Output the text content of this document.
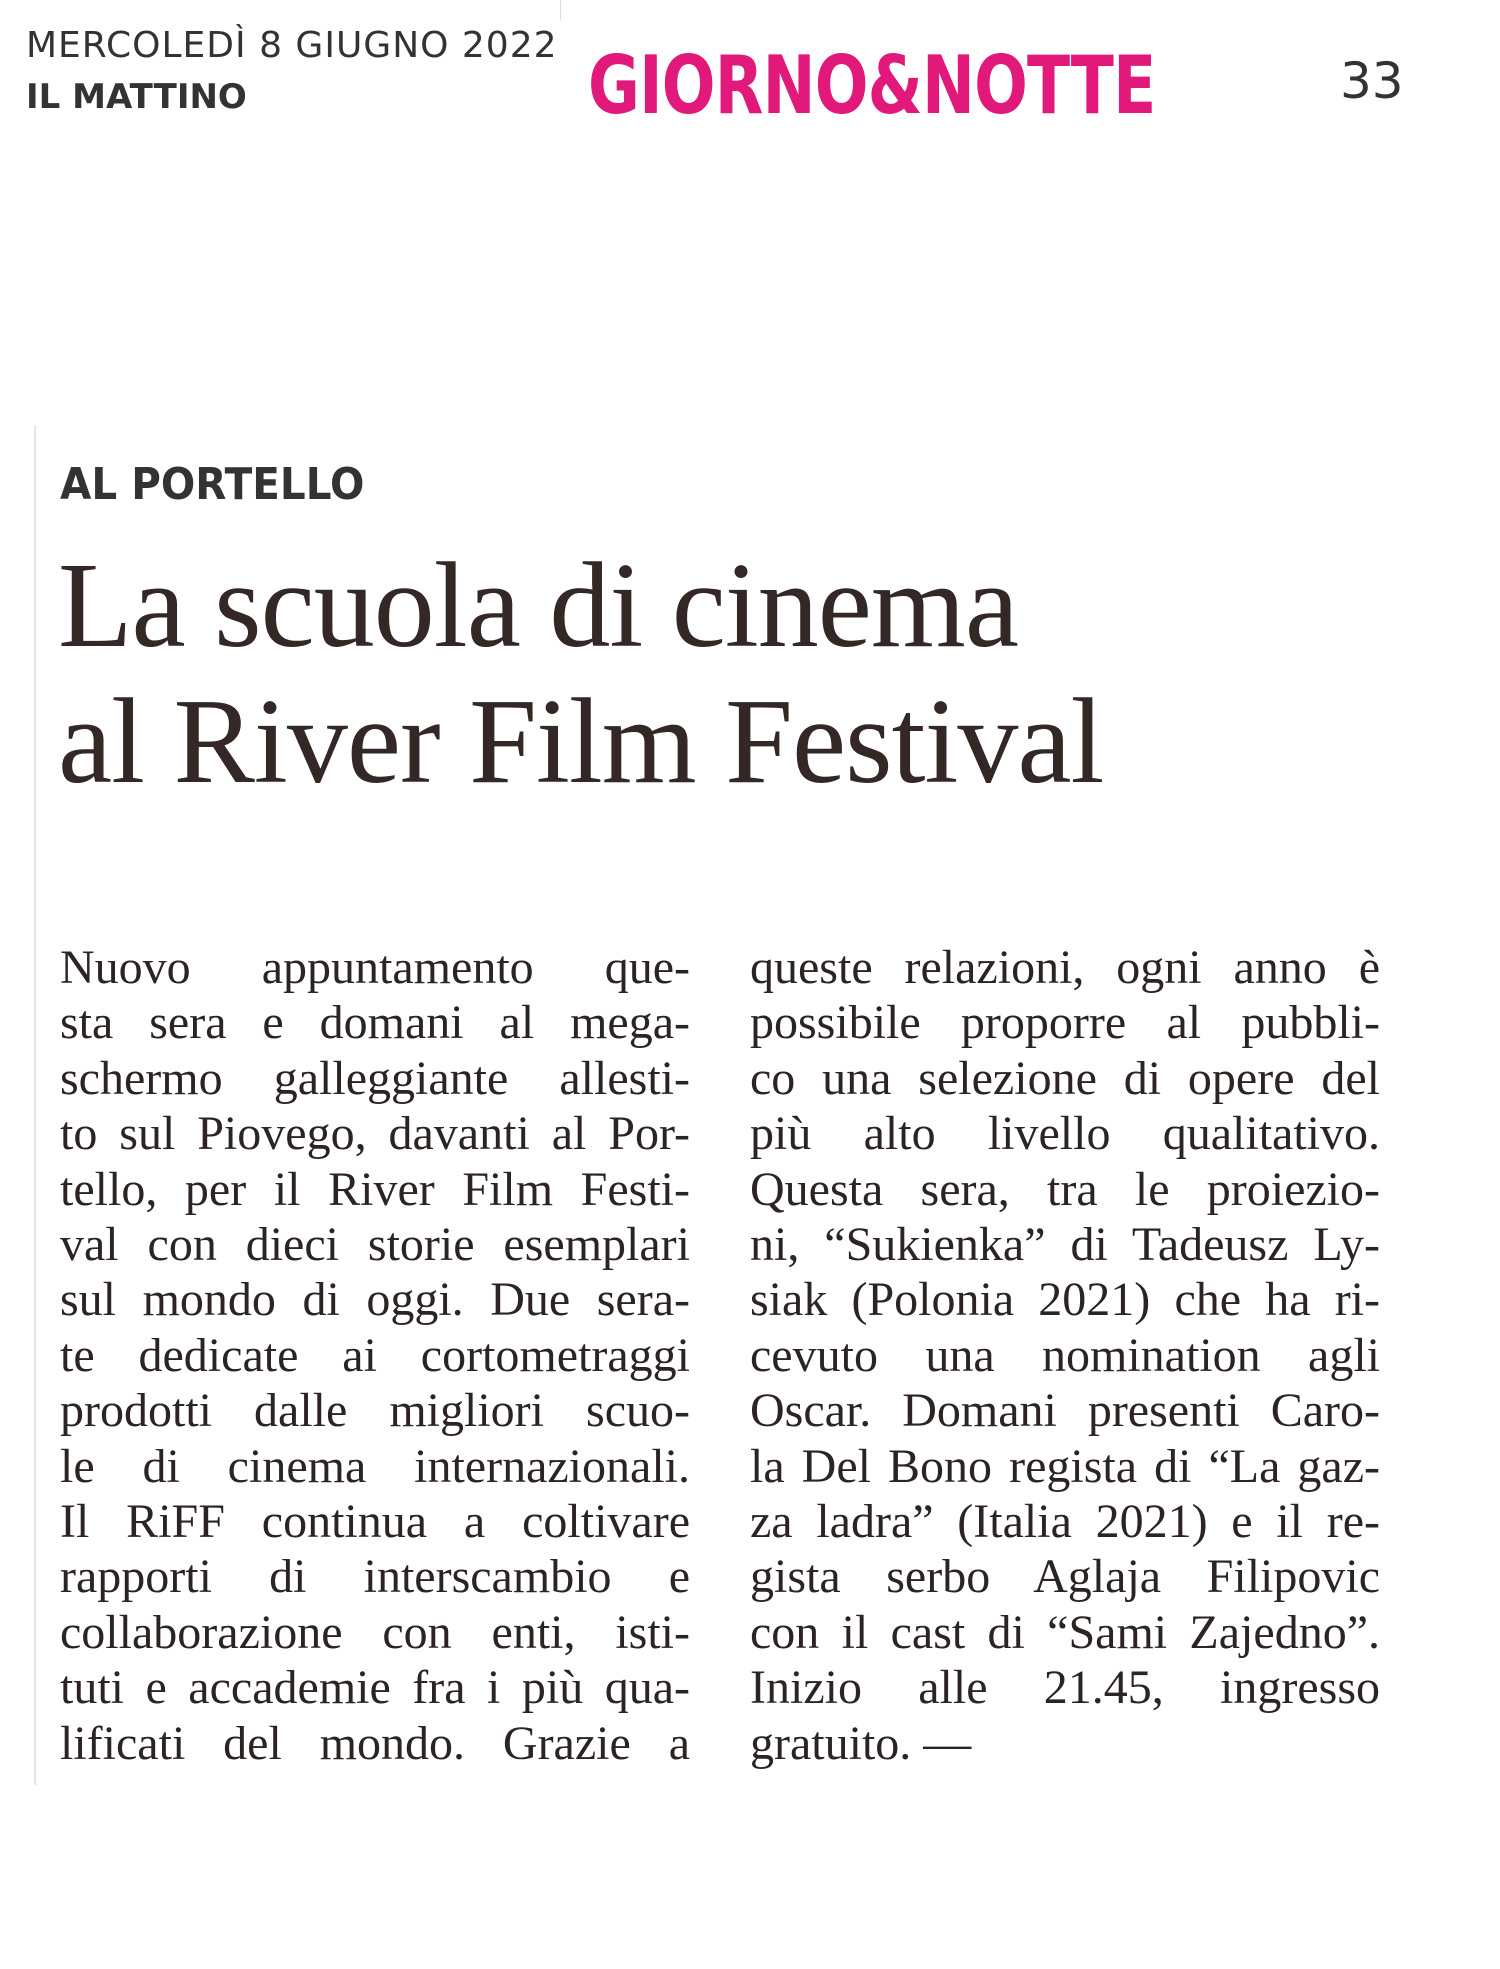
MERCOLEDÌ 8 GIUGNO 2022
IL MATTINO	GIORNO&NOTTE	33
AL PORTELLO
La scuola di cinema
al River Film Festival
Nuovo appuntamento que-
sta sera e domani al mega-
schermo galleggiante allesti-
to sul Piovego, davanti al Por-
tello, per il River Film Festi-
val con dieci storie esemplari
sul mondo di oggi. Due sera-
te dedicate ai cortometraggi
prodotti dalle migliori scuo-
le di cinema internazionali.
Il RiFF continua a coltivare
rapporti di interscambio e
collaborazione con enti, isti-
tuti e accademie fra i più qua-
lificati del mondo. Grazie a
queste relazioni, ogni anno è
possibile proporre al pubbli-
co una selezione di opere del
più alto livello qualitativo.
Questa sera, tra le proiezio-
ni, “Sukienka” di Tadeusz Ly-
siak (Polonia 2021) che ha ri-
cevuto una nomination agli
Oscar. Domani presenti Caro-
la Del Bono regista di “La gaz-
za ladra” (Italia 2021) e il re-
gista serbo Aglaja Filipovic
con il cast di “Sami Zajedno”.
Inizio alle 21.45, ingresso
gratuito. —
